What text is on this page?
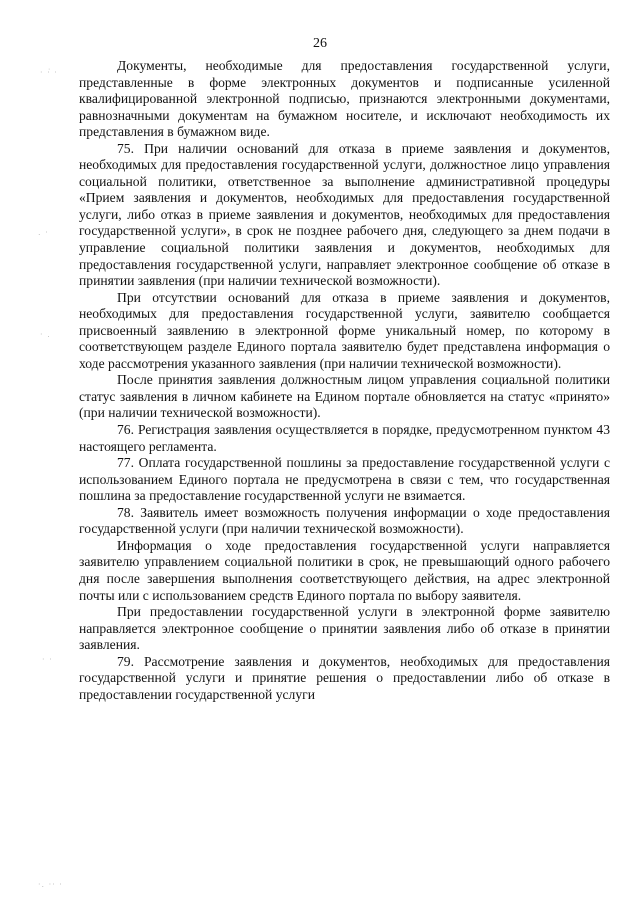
26
· ·͘ ·
. ·
· .
· ·
·. ·· ·

Документы, необходимые для предоставления государственной услуги, представленные в форме электронных документов и подписанные усиленной квалифицированной электронной подписью, признаются электронными документами, равнозначными документам на бумажном носителе, и исключают необходимость их представления в бумажном виде.

75. При наличии оснований для отказа в приеме заявления и документов, необходимых для предоставления государственной услуги, должностное лицо управления социальной политики, ответственное за выполнение административной процедуры «Прием заявления и документов, необходимых для предоставления государственной услуги, либо отказ в приеме заявления и документов, необходимых для предоставления государственной услуги», в срок не позднее рабочего дня, следующего за днем подачи в управление социальной политики заявления и документов, необходимых для предоставления государственной услуги, направляет электронное сообщение об отказе в принятии заявления (при наличии технической возможности).

При отсутствии оснований для отказа в приеме заявления и документов, необходимых для предоставления государственной услуги, заявителю сообщается присвоенный заявлению в электронной форме уникальный номер, по которому в соответствующем разделе Единого портала заявителю будет представлена информация о ходе рассмотрения указанного заявления (при наличии технической возможности).

После принятия заявления должностным лицом управления социальной политики статус заявления в личном кабинете на Едином портале обновляется на статус «принято» (при наличии технической возможности).

76. Регистрация заявления осуществляется в порядке, предусмотренном пунктом 43 настоящего регламента.

77. Оплата государственной пошлины за предоставление государственной услуги с использованием Единого портала не предусмотрена в связи с тем, что государственная пошлина за предоставление государственной услуги не взимается.

78. Заявитель имеет возможность получения информации о ходе предоставления государственной услуги (при наличии технической возможности).

Информация о ходе предоставления государственной услуги направляется заявителю управлением социальной политики в срок, не превышающий одного рабочего дня после завершения выполнения соответствующего действия, на адрес электронной почты или с использованием средств Единого портала по выбору заявителя.

При предоставлении государственной услуги в электронной форме заявителю направляется электронное сообщение о принятии заявления либо об отказе в принятии заявления.

79. Рассмотрение заявления и документов, необходимых для предоставления государственной услуги и принятие решения о предоставлении либо об отказе в предоставлении государственной услуги
